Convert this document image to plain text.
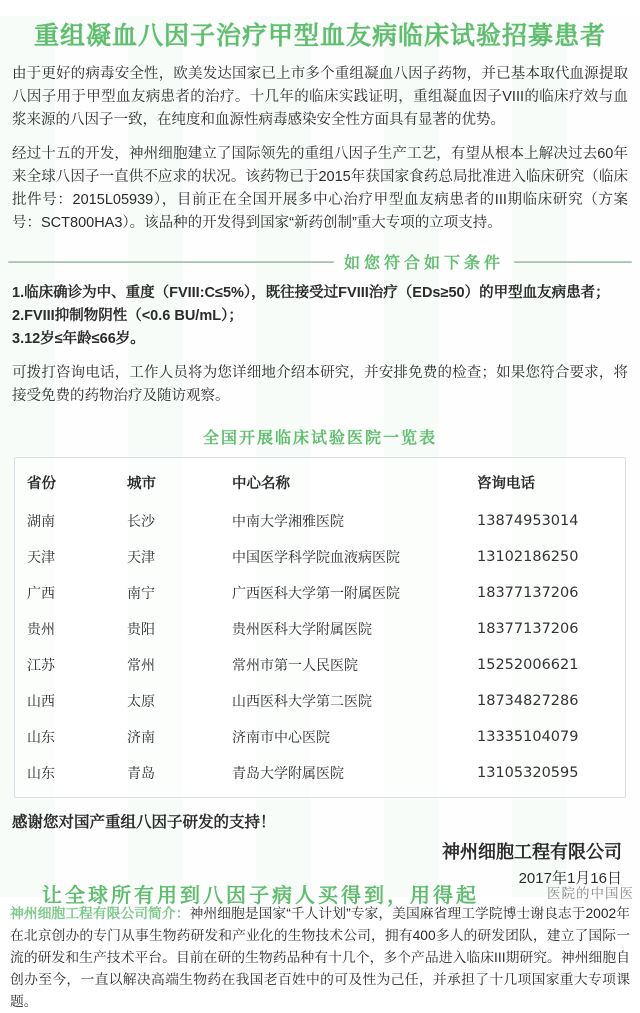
重组凝血八因子治疗甲型血友病临床试验招募患者
由于更好的病毒安全性，欧美发达国家已上市多个重组凝血八因子药物，并已基本取代血源提取八因子用于甲型血友病患者的治疗。十几年的临床实践证明，重组凝血因子VIII的临床疗效与血浆来源的八因子一致，在纯度和血源性病毒感染安全性方面具有显著的优势。
经过十五的开发，神州细胞建立了国际领先的重组八因子生产工艺，有望从根本上解决过去60年来全球八因子一直供不应求的状况。该药物已于2015年获国家食药总局批准进入临床研究（临床批件号：2015L05939），目前正在全国开展多中心治疗甲型血友病患者的III期临床研究（方案号：SCT800HA3）。该品种的开发得到国家“新药创制”重大专项的立项支持。
如您符合如下条件
1.临床确诊为中、重度（FVIII:C≤5%），既往接受过FVIII治疗（EDs≥50）的甲型血友病患者；
2.FVIII抑制物阴性（<0.6 BU/mL）；
3.12岁≤年龄≤66岁。
可拨打咨询电话，工作人员将为您详细地介绍本研究，并安排免费的检查；如果您符合要求，将接受免费的药物治疗及随访观察。
全国开展临床试验医院一览表
省份	城市	中心名称	咨询电话
湖南	长沙	中南大学湘雅医院	13874953014
天津	天津	中国医学科学院血液病医院	13102186250
广西	南宁	广西医科大学第一附属医院	18377137206
贵州	贵阳	贵州医科大学附属医院	18377137206
江苏	常州	常州市第一人民医院	15252006621
山西	太原	山西医科大学第二医院	18734827286
山东	济南	济南市中心医院	13335104079
山东	青岛	青岛大学附属医院	13105320595
感谢您对国产重组八因子研发的支持！
神州细胞工程有限公司
2017年1月16日
神州细胞工程有限公司简介：神州细胞是国家“千人计划”专家，美国麻省理工学院博士谢良志于2002年在北京创办的专门从事生物药研发和产业化的生物技术公司，拥有400多人的研发团队，建立了国际一流的研发和生产技术平台。目前在研的生物药品种有十几个，多个产品进入临床III期研究。神州细胞自创办至今，一直以解决高端生物药在我国老百姓中的可及性为己任，并承担了十几项国家重大专项课题。
让全球所有用到八因子病人买得到，用得起	医院的中国医
